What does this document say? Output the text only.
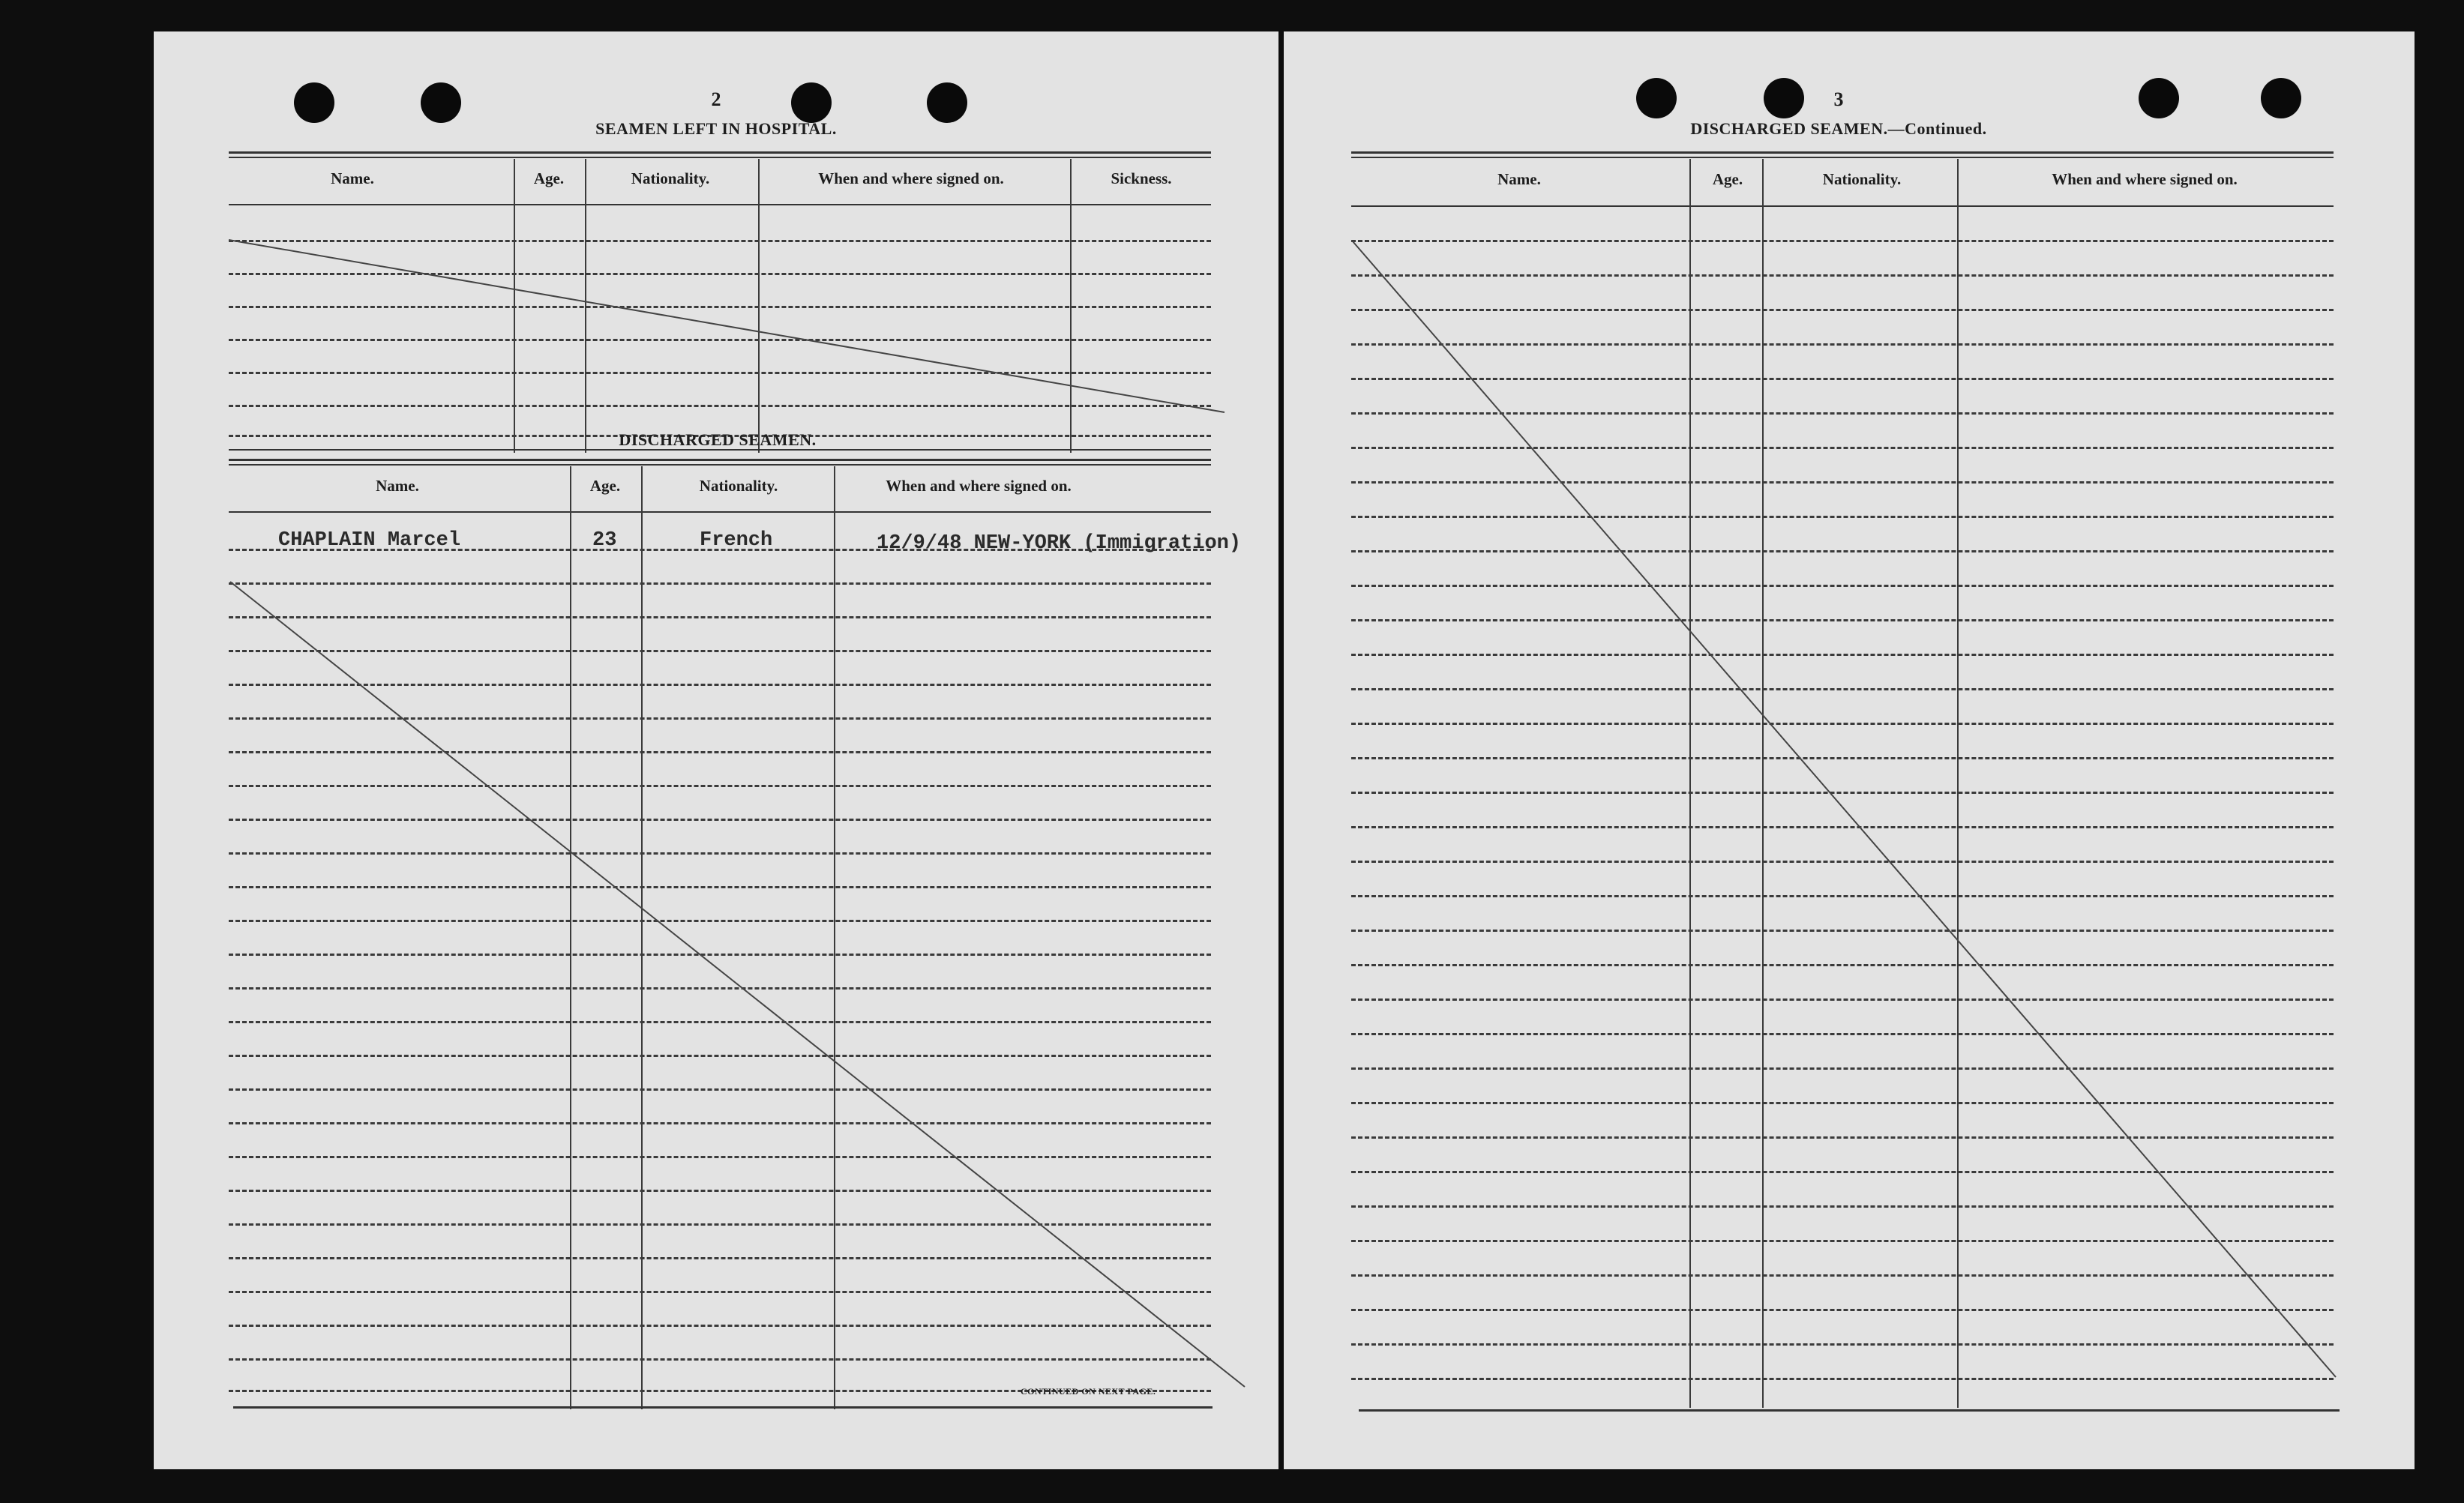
2
SEAMEN LEFT IN HOSPITAL.
Name.	Age.	Nationality.	When and where signed on.	Sickness.
DISCHARGED SEAMEN.
Name.	Age.	Nationality.	When and where signed on.
CHAPLAIN Marcel	23	French	12/9/48 NEW-YORK (Immigration)
CONTINUED ON NEXT PAGE.
3
DISCHARGED SEAMEN.—Continued.
Name.	Age.	Nationality.	When and where signed on.
